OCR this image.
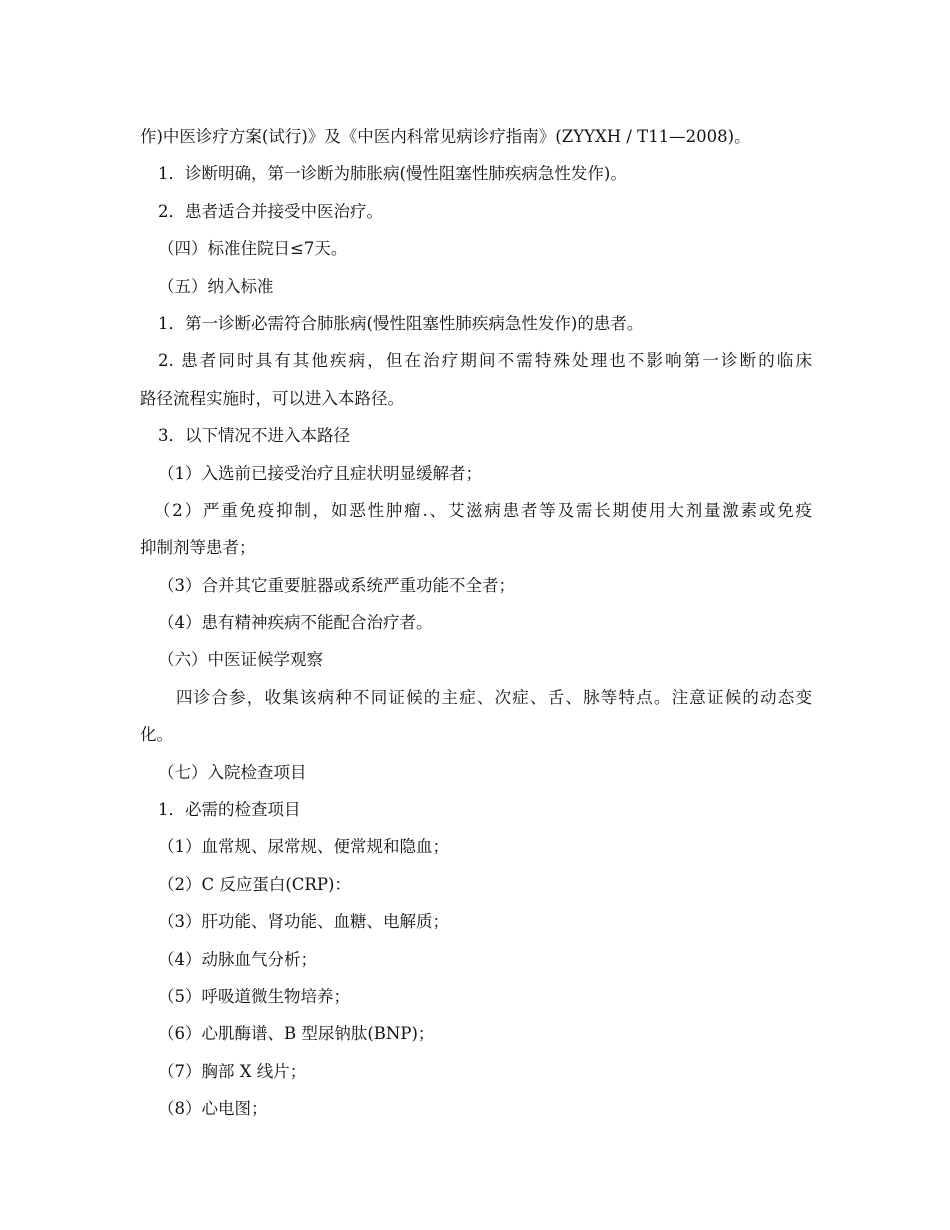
作)中医诊疗方案(试行)》及《中医内科常见病诊疗指南》(ZYYXH / T11—2008)。
1．诊断明确，第一诊断为肺胀病(慢性阻塞性肺疾病急性发作)。
2．患者适合并接受中医治疗。
（四）标准住院日≤7天。
（五）纳入标准
1．第一诊断必需符合肺胀病(慢性阻塞性肺疾病急性发作)的患者。
2. 患者同时具有其他疾病，但在治疗期间不需特殊处理也不影响第一诊断的临床
路径流程实施时，可以进入本路径。
3．以下情况不进入本路径
（1）入选前已接受治疗且症状明显缓解者；
（2）严重免疫抑制，如恶性肿瘤.、艾滋病患者等及需长期使用大剂量激素或免疫
抑制剂等患者；
（3）合并其它重要脏器或系统严重功能不全者；
（4）患有精神疾病不能配合治疗者。
（六）中医证候学观察
四诊合参，收集该病种不同证候的主症、次症、舌、脉等特点。注意证候的动态变
化。
（七）入院检查项目
1．必需的检查项目
（1）血常规、尿常规、便常规和隐血；
（2）C 反应蛋白(CRP)：
（3）肝功能、肾功能、血糖、电解质；
（4）动脉血气分析；
（5）呼吸道微生物培养；
（6）心肌酶谱、B 型尿钠肽(BNP)；
（7）胸部 X 线片；
（8）心电图；
